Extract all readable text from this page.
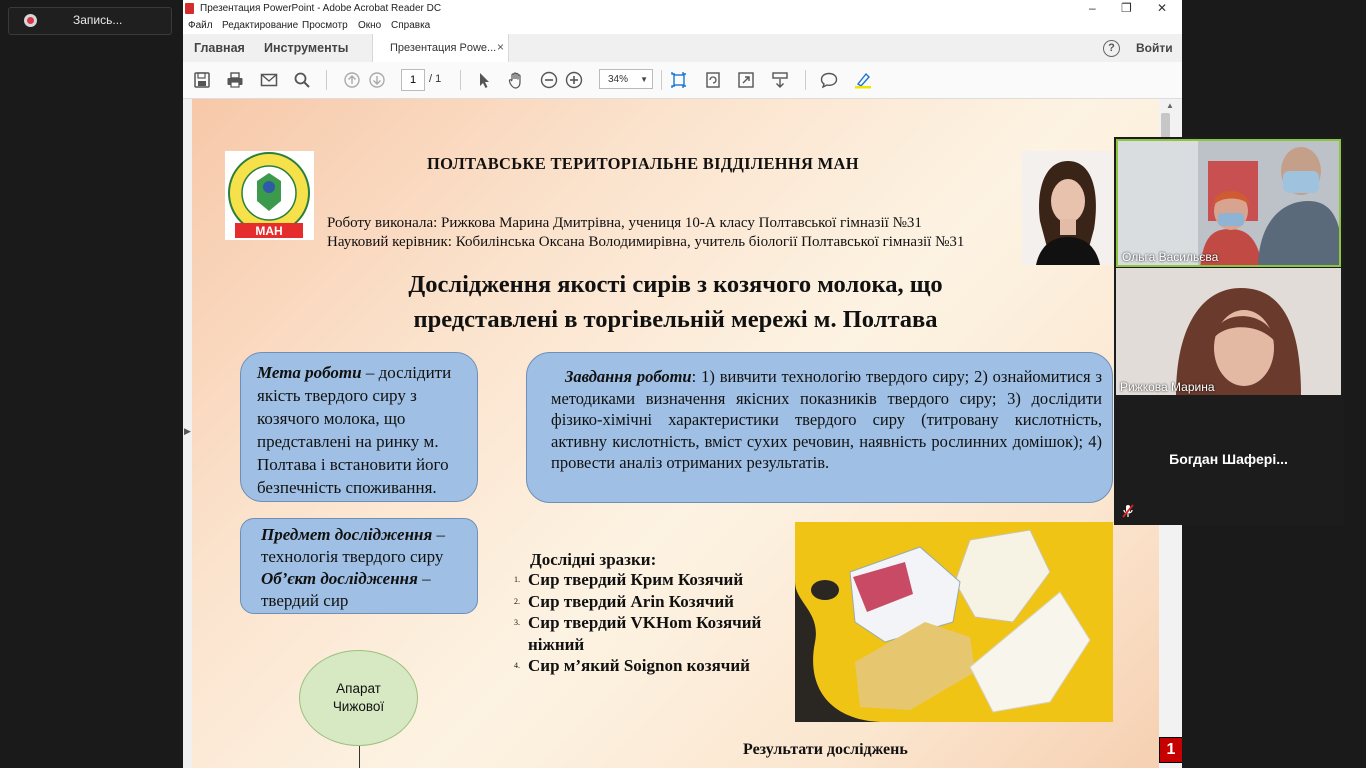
Запись...
Презентация PowerPoint - Adobe Acrobat Reader DC	– ❐ ✕
Файл Редактирование Просмотр Окно Справка
Главная Инструменты	Презентация Powe... ×	?	Войти
1	/ 1	34% ▼
▶
МАН
ПОЛТАВСЬКЕ ТЕРИТОРІАЛЬНЕ ВІДДІЛЕННЯ МАН
Роботу виконала: Рижкова Марина Дмитрівна, учениця 10-А класу Полтавської гімназії №31
Науковий керівник: Кобилінська Оксана Володимирівна, учитель біології Полтавської гімназії №31
Дослідження якості сирів з козячого молока, що
представлені в торгівельній мережі м. Полтава
Мета роботи – дослідити якість твердого сиру з козячого молока, що представлені на ринку м. Полтава і встановити його безпечність споживання.
Завдання роботи: 1) вивчити технологію твердого сиру; 2) ознайомитися з методиками визначення якісних показників твердого сиру; 3) дослідити фізико-хімічні характеристики твердого сиру (титровану кислотність, активну кислотність, вміст сухих речовин, наявність рослинних домішок); 4) провести аналіз отриманих результатів.
Предмет дослідження – технологія твердого сиру
Об’єкт дослідження – твердий сир
Дослідні зразки:
1. Сир твердий Крим Козячий
2. Сир твердий Arin Козячий
3. Сир твердий VKHom Козячий ніжний
4. Сир м’який Soignon козячий
Апарат Чижової
Результати досліджень
▲
1
Ольга Васильєва
Рижкова Марина
Богдан Шафері...
